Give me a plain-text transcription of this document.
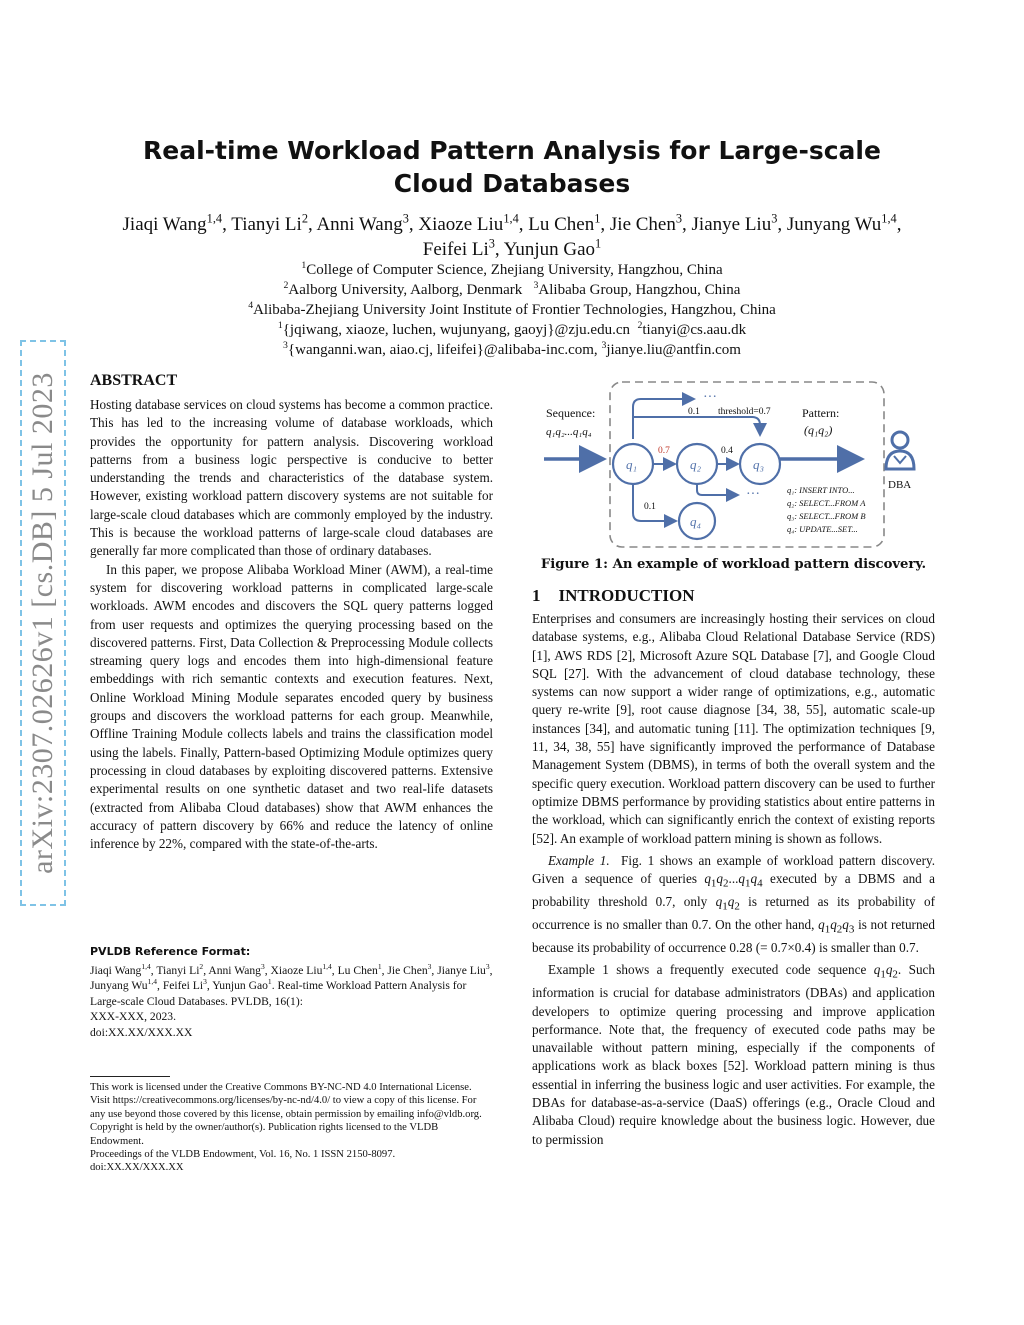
arXiv:2307.02626v1 [cs.DB] 5 Jul 2023
Real-time Workload Pattern Analysis for Large-scale Cloud Databases
Jiaqi Wang$^{1,4}$, Tianyi Li$^2$, Anni Wang$^3$, Xiaoze Liu$^{1,4}$, Lu Chen$^1$, Jie Chen$^3$, Jianye Liu$^3$, Junyang Wu$^{1,4}$, Feifei Li$^3$, Yunjun Gao$^1$
$^1$College of Computer Science, Zhejiang University, Hangzhou, China
$^2$Aalborg University, Aalborg, Denmark $^3$Alibaba Group, Hangzhou, China
$^4$Alibaba-Zhejiang University Joint Institute of Frontier Technologies, Hangzhou, China
$^1${jqiwang, xiaoze, luchen, wujunyang, gaoyj}@zju.edu.cn $^2$tianyi@cs.aau.dk
$^3${wanganni.wan, aiao.cj, lifeifei}@alibaba-inc.com, $^3$jianye.liu@antfin.com
ABSTRACT

Hosting database services on cloud systems has become a common practice. This has led to the increasing volume of database workloads, which provides the opportunity for pattern analysis. Discovering workload patterns from a business logic perspective is conducive to better understanding the trends and characteristics of the database system. However, existing workload pattern discovery systems are not suitable for large-scale cloud databases which are commonly employed by the industry. This is because the workload patterns of large-scale cloud databases are generally far more complicated than those of ordinary databases.

In this paper, we propose Alibaba Workload Miner (AWM), a real-time system for discovering workload patterns in complicated large-scale workloads. AWM encodes and discovers the SQL query patterns logged from user requests and optimizes the querying processing based on the discovered patterns. First, Data Collection & Preprocessing Module collects streaming query logs and encodes them into high-dimensional feature embeddings with rich semantic contexts and execution features. Next, Online Workload Mining Module separates encoded query by business groups and discovers the workload patterns for each group. Meanwhile, Offline Training Module collects labels and trains the classification model using the labels. Finally, Pattern-based Optimizing Module optimizes query processing in cloud databases by exploiting discovered patterns. Extensive experimental results on one synthetic dataset and two real-life datasets (extracted from Alibaba Cloud databases) show that AWM enhances the accuracy of pattern discovery by 66% and reduce the latency of online inference by 22%, compared with the state-of-the-arts.

PVLDB Reference Format:
Jiaqi Wang$^{1,4}$, Tianyi Li$^2$, Anni Wang$^3$, Xiaoze Liu$^{1,4}$, Lu Chen$^1$, Jie Chen$^3$, Jianye Liu$^3$, Junyang Wu$^{1,4}$, Feifei Li$^3$, Yunjun Gao$^1$. Real-time Workload Pattern Analysis for Large-scale Cloud Databases. PVLDB, 16(1):
XXX-XXX, 2023.
doi:XX.XX/XXX.XX
This work is licensed under the Creative Commons BY-NC-ND 4.0 International License. Visit https://creativecommons.org/licenses/by-nc-nd/4.0/ to view a copy of this license. For any use beyond those covered by this license, obtain permission by emailing info@vldb.org. Copyright is held by the owner/author(s). Publication rights licensed to the VLDB Endowment.
Proceedings of the VLDB Endowment, Vol. 16, No. 1 ISSN 2150-8097.
doi:XX.XX/XXX.XX
Sequence:
q₁q₂...q₁q₄
···
0.1 threshold=0.7
q₁	q₂	q₃
q₄
0.7	0.4
···
0.1
Pattern:
(q₁q₂)
DBA
q₁: INSERT INTO...
q₂: SELECT...FROM A
q₃: SELECT...FROM B
q₄: UPDATE...SET...
Figure 1: An example of workload pattern discovery.
1 INTRODUCTION

Enterprises and consumers are increasingly hosting their services on cloud database systems, e.g., Alibaba Cloud Relational Database Service (RDS) [1], AWS RDS [2], Microsoft Azure SQL Database [7], and Google Cloud SQL [27]. With the advancement of cloud database technology, these systems can now support a wider range of optimizations, e.g., automatic query re-write [9], root cause diagnose [34, 38, 55], automatic scale-up instances [34], and automatic tuning [11]. The optimization techniques [9, 11, 34, 38, 55] have significantly improved the performance of Database Management System (DBMS), in terms of both the overall system and the specific query execution. Workload pattern discovery can be used to further optimize DBMS performance by providing statistics about entire patterns in the workload, which can significantly enrich the context of existing reports [52]. An example of workload pattern mining is shown as follows.

Example 1. Fig. 1 shows an example of workload pattern discovery. Given a sequence of queries $q_1q_2...q_1q_4$ executed by a DBMS and a probability threshold 0.7, only $q_1q_2$ is returned as its probability of occurrence is no smaller than 0.7. On the other hand, $q_1q_2q_3$ is not returned because its probability of occurrence 0.28 (= 0.7×0.4) is smaller than 0.7.

Example 1 shows a frequently executed code sequence $q_1q_2$. Such information is crucial for database administrators (DBAs) and application developers to optimize quering processing and improve application performance. Note that, the frequency of executed code paths may be unavailable without pattern mining, especially if the components of applications work as black boxes [52]. Workload pattern mining is thus essential in inferring the business logic and user activities. For example, the DBAs for database-as-a-service (DaaS) offerings (e.g., Oracle Cloud and Alibaba Cloud) require knowledge about the business logic. However, due to permission
